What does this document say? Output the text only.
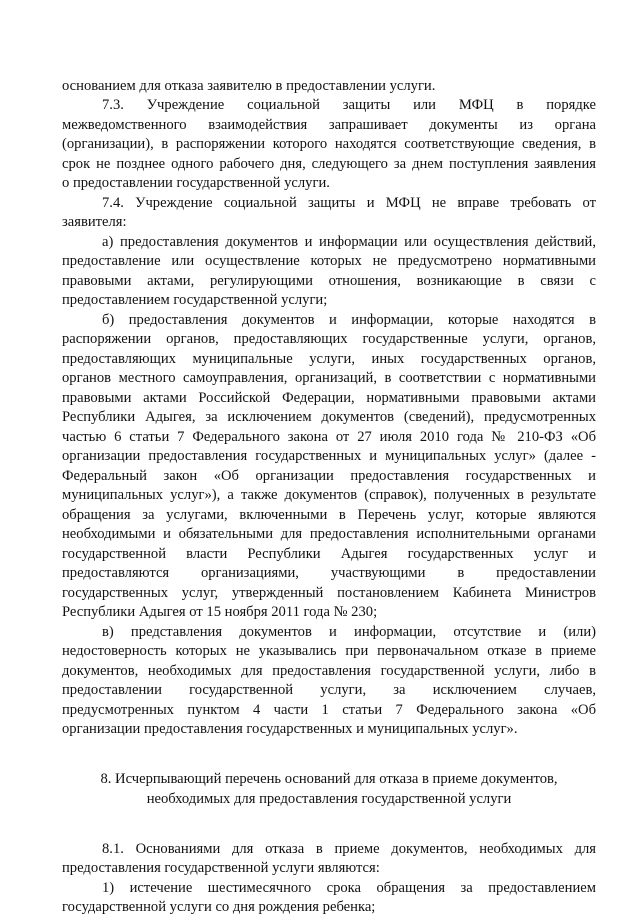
основанием для отказа заявителю в предоставлении услуги.

7.3. Учреждение социальной защиты или МФЦ в порядке

межведомственного взаимодействия запрашивает документы из органа

(организации), в распоряжении которого находятся соответствующие сведения, в

срок не позднее одного рабочего дня, следующего за днем поступления заявления

о предоставлении государственной услуги.

7.4. Учреждение социальной защиты и МФЦ не вправе требовать от

заявителя:

а) предоставления документов и информации или осуществления действий,

предоставление или осуществление которых не предусмотрено нормативными

правовыми актами, регулирующими отношения, возникающие в связи с

предоставлением государственной услуги;

б) предоставления документов и информации, которые находятся в

распоряжении органов, предоставляющих государственные услуги, органов,

предоставляющих муниципальные услуги, иных государственных органов,

органов местного самоуправления, организаций, в соответствии с нормативными

правовыми актами Российской Федерации, нормативными правовыми актами

Республики Адыгея, за исключением документов (сведений), предусмотренных

частью 6 статьи 7 Федерального закона от 27 июля 2010 года № 210-ФЗ «Об

организации предоставления государственных и муниципальных услуг» (далее -

Федеральный закон «Об организации предоставления государственных и

муниципальных услуг»), а также документов (справок), полученных в результате

обращения за услугами, включенными в Перечень услуг, которые являются

необходимыми и обязательными для предоставления исполнительными органами

государственной власти Республики Адыгея государственных услуг и

предоставляются организациями, участвующими в предоставлении

государственных услуг, утвержденный постановлением Кабинета Министров

Республики Адыгея от 15 ноября 2011 года № 230;

в) представления документов и информации, отсутствие и (или)

недостоверность которых не указывались при первоначальном отказе в приеме

документов, необходимых для предоставления государственной услуги, либо в

предоставлении государственной услуги, за исключением случаев,

предусмотренных пунктом 4 части 1 статьи 7 Федерального закона «Об

организации предоставления государственных и муниципальных услуг».

8. Исчерпывающий перечень оснований для отказа в приеме документов,

необходимых для предоставления государственной услуги

8.1. Основаниями для отказа в приеме документов, необходимых для

предоставления государственной услуги являются:

1) истечение шестимесячного срока обращения за предоставлением

государственной услуги со дня рождения ребенка;
